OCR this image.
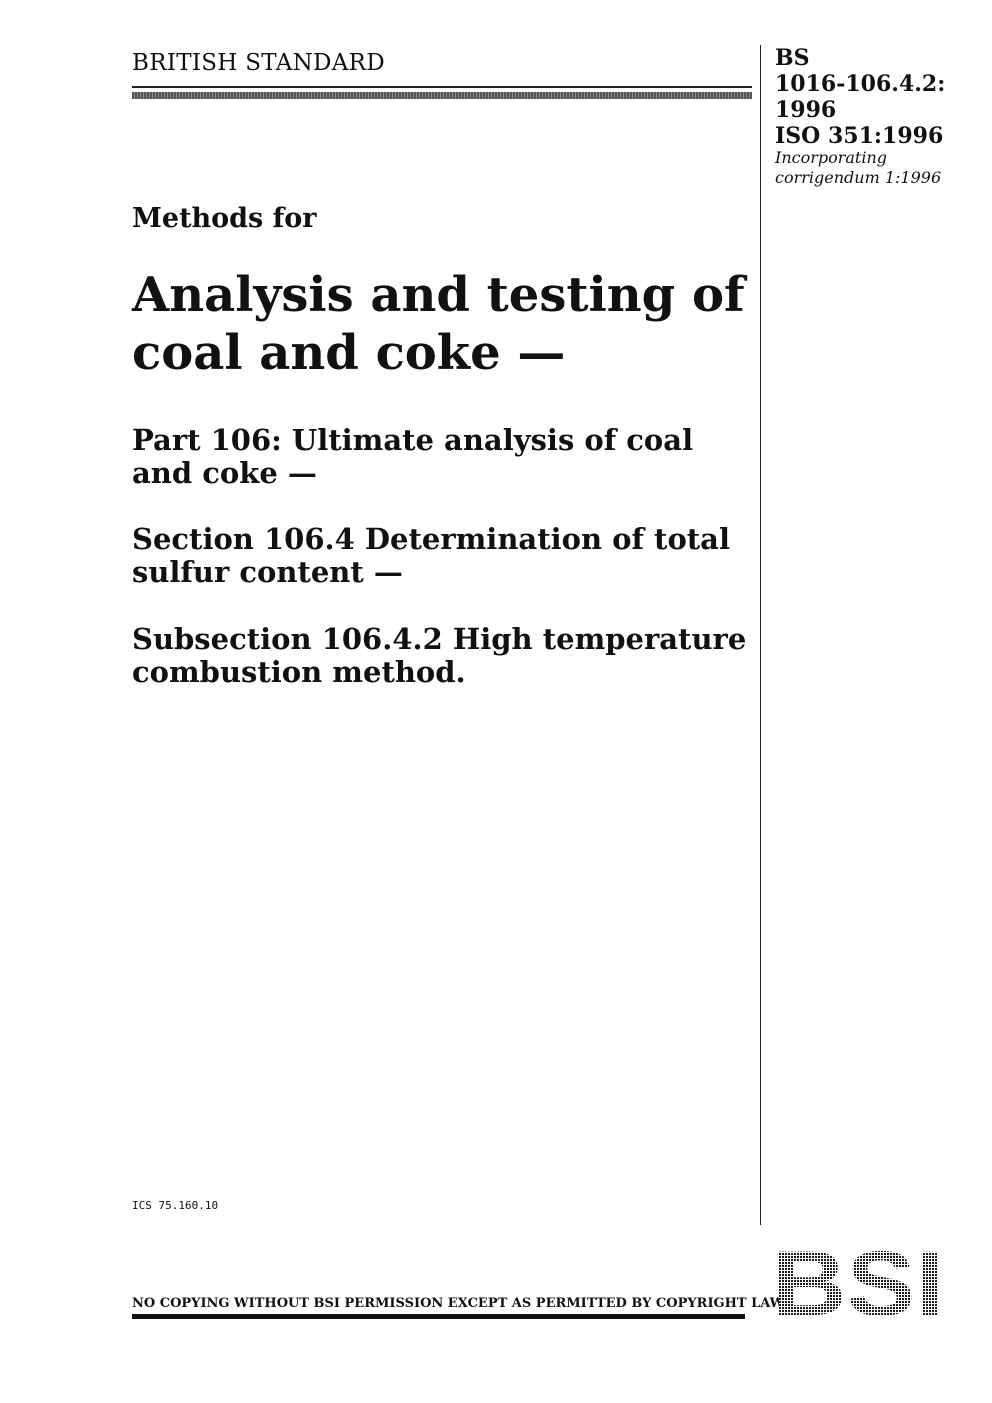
BRITISH STANDARD	BS
1016-106.4.2:
1996
ISO 351:1996
Incorporating
corrigendum 1:1996
Methods for
Analysis and testing of coal and coke —
Part 106: Ultimate analysis of coal and coke —
Section 106.4 Determination of total sulfur content —
Subsection 106.4.2 High temperature combustion method.
ICS 75.160.10
NO COPYING WITHOUT BSI PERMISSION EXCEPT AS PERMITTED BY COPYRIGHT LAW
BSI
